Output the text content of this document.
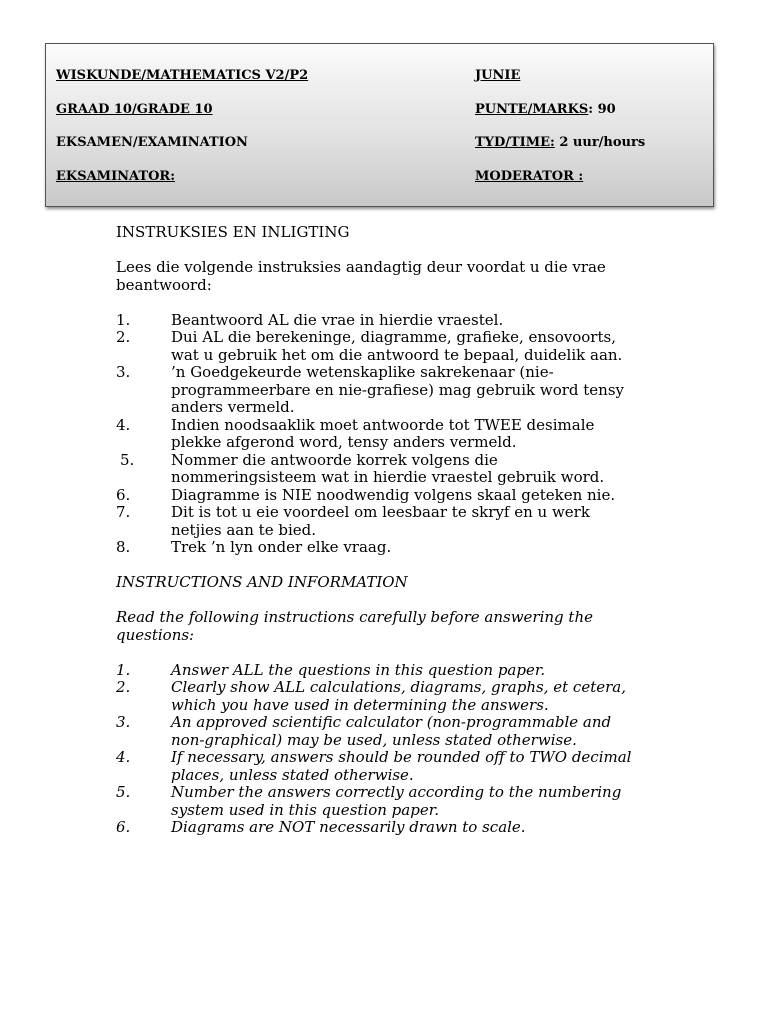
WISKUNDE/MATHEMATICS V2/P2	JUNIE
GRAAD 10/GRADE 10	PUNTE/MARKS: 90
EKSAMEN/EXAMINATION	TYD/TIME: 2 uur/hours
EKSAMINATOR:	MODERATOR :
INSTRUKSIES EN INLIGTING

Lees die volgende instruksies aandagtig deur voordat u die vrae beantwoord:

1.	Beantwoord AL die vrae in hierdie vraestel.
2.	Dui AL die berekeninge, diagramme, grafieke, ensovoorts, wat u gebruik het om die antwoord te bepaal, duidelik aan.
3.	’n Goedgekeurde wetenskaplike sakrekenaar (nie-programmeerbare en nie-grafiese) mag gebruik word tensy anders vermeld.
4.	Indien noodsaaklik moet antwoorde tot TWEE desimale plekke afgerond word, tensy anders vermeld.
5. Nommer die antwoorde korrek volgens die nommeringsisteem wat in hierdie vraestel gebruik word.
6.	Diagramme is NIE noodwendig volgens skaal geteken nie.
7.	Dit is tot u eie voordeel om leesbaar te skryf en u werk netjies aan te bied.
8.	Trek ’n lyn onder elke vraag.
INSTRUCTIONS AND INFORMATION

Read the following instructions carefully before answering the questions:

1.	Answer ALL the questions in this question paper.
2.	Clearly show ALL calculations, diagrams, graphs, et cetera, which you have used in determining the answers.
3.	An approved scientific calculator (non-programmable and non-graphical) may be used, unless stated otherwise.
4.	If necessary, answers should be rounded off to TWO decimal places, unless stated otherwise.
5.	Number the answers correctly according to the numbering system used in this question paper.
6.	Diagrams are NOT necessarily drawn to scale.
